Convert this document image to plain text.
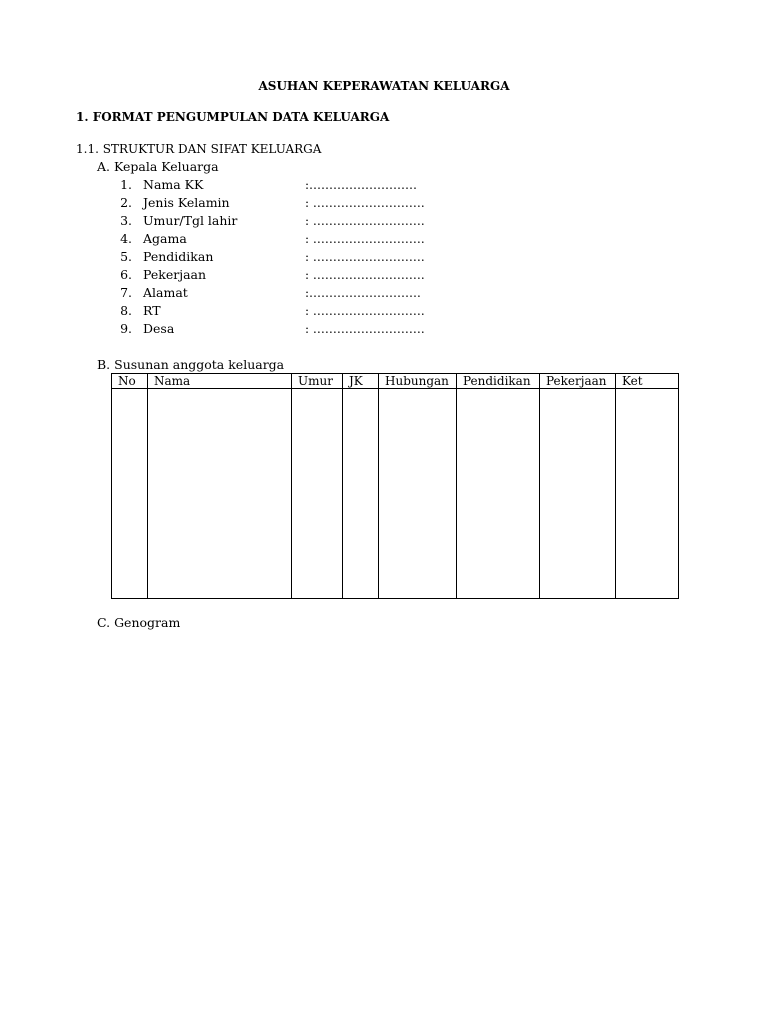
ASUHAN KEPERAWATAN KELUARGA
1. FORMAT PENGUMPULAN DATA KELUARGA
1.1. STRUKTUR DAN SIFAT KELUARGA
A. Kepala Keluarga
1. Nama KK	:………………………
2. Jenis Kelamin	: ……………………….
3. Umur/Tgl lahir	: ……………………….
4. Agama	: ……………………….
5. Pendidikan	: ……………………….
6. Pekerjaan	: ……………………….
7. Alamat	:……………………….
8. RT	: ……………………….
9. Desa	: ……………………….
B. Susunan anggota keluarga
No	Nama	Umur	JK	Hubungan	Pendidikan	Pekerjaan	Ket

C. Genogram
